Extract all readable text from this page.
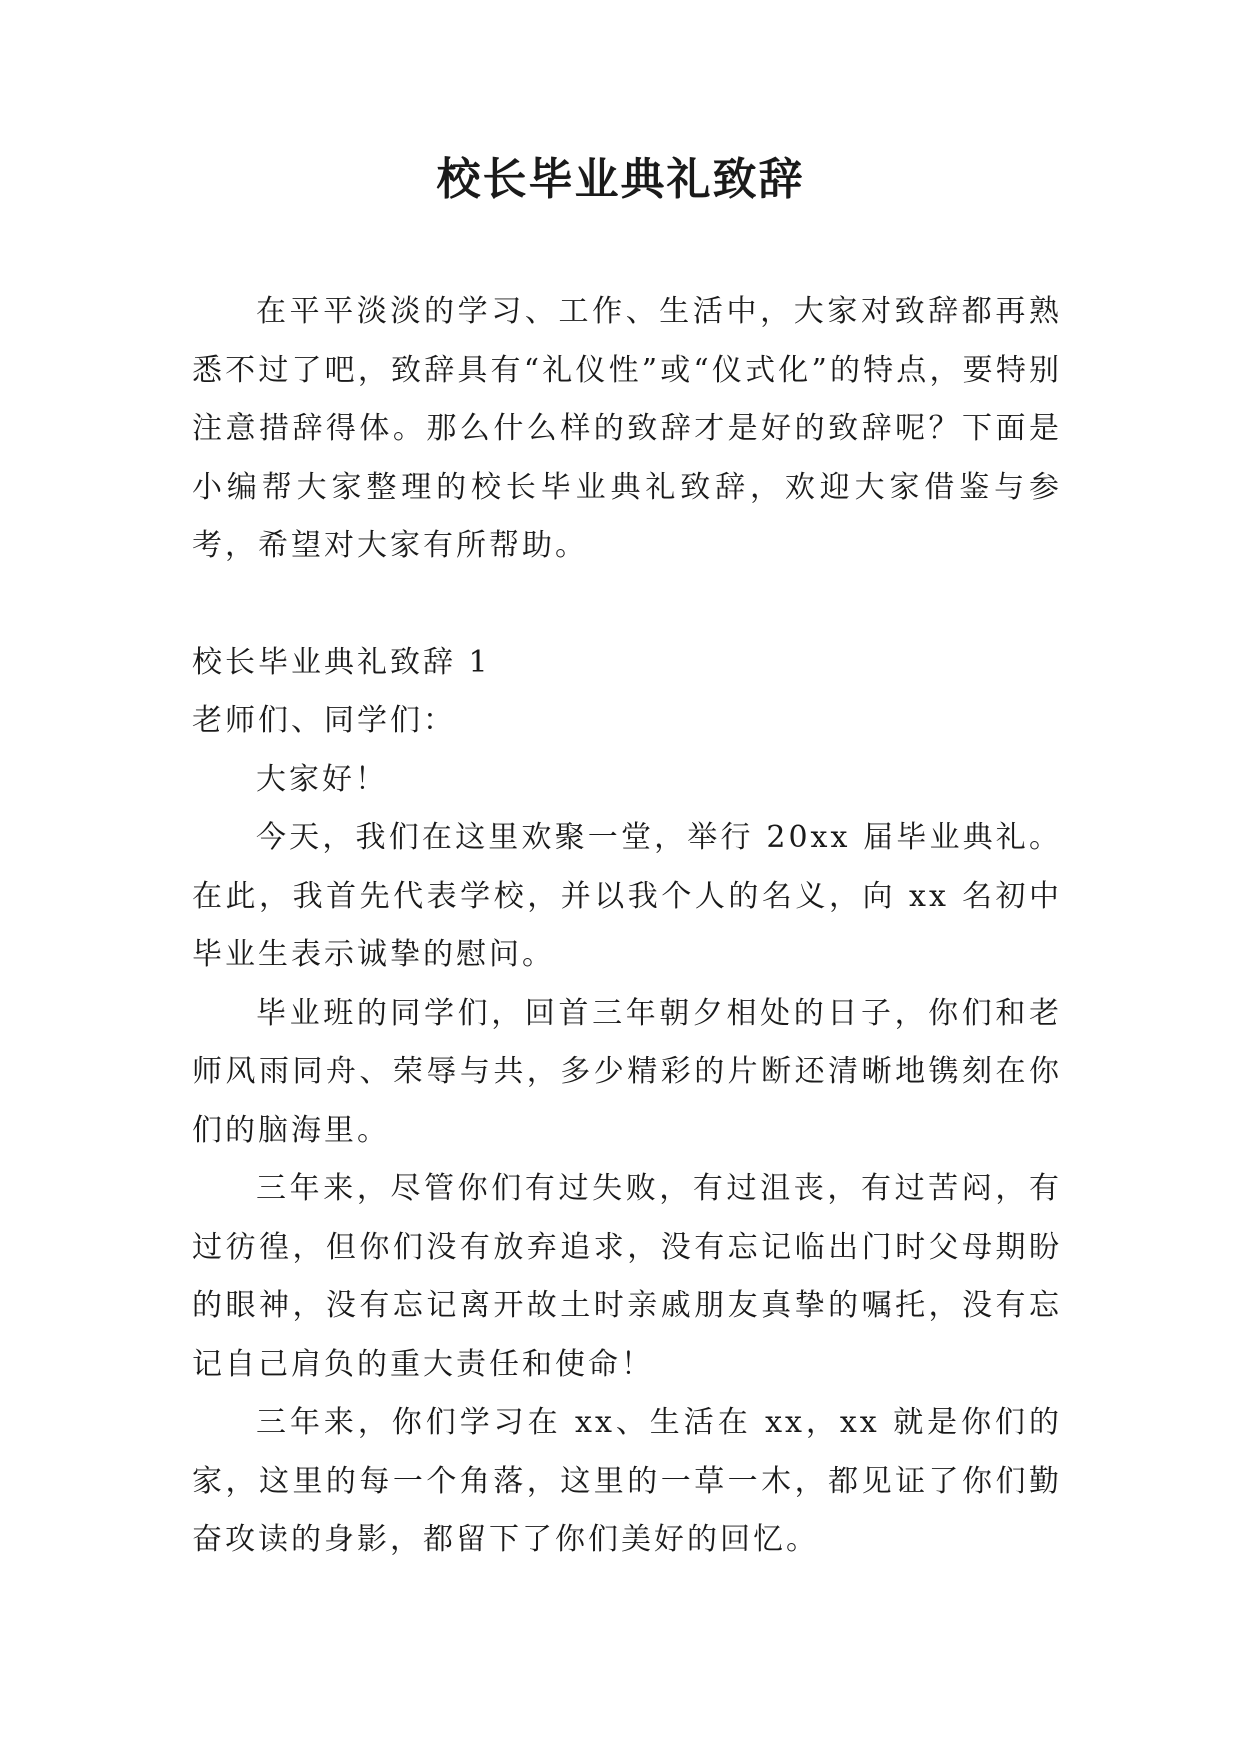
校长毕业典礼致辞

在平平淡淡的学习、工作、生活中，大家对致辞都再熟悉不过了吧，致辞具有“礼仪性”或“仪式化”的特点，要特别注意措辞得体。那么什么样的致辞才是好的致辞呢？下面是小编帮大家整理的校长毕业典礼致辞，欢迎大家借鉴与参考，希望对大家有所帮助。

校长毕业典礼致辞 1

老师们、同学们：

大家好！

今天，我们在这里欢聚一堂，举行 20xx 届毕业典礼。在此，我首先代表学校，并以我个人的名义，向 xx 名初中毕业生表示诚挚的慰问。

毕业班的同学们，回首三年朝夕相处的日子，你们和老师风雨同舟、荣辱与共，多少精彩的片断还清晰地镌刻在你们的脑海里。

三年来，尽管你们有过失败，有过沮丧，有过苦闷，有过彷徨，但你们没有放弃追求，没有忘记临出门时父母期盼的眼神，没有忘记离开故土时亲戚朋友真挚的嘱托，没有忘记自己肩负的重大责任和使命！

三年来，你们学习在 xx、生活在 xx，xx 就是你们的家，这里的每一个角落，这里的一草一木，都见证了你们勤奋攻读的身影，都留下了你们美好的回忆。
